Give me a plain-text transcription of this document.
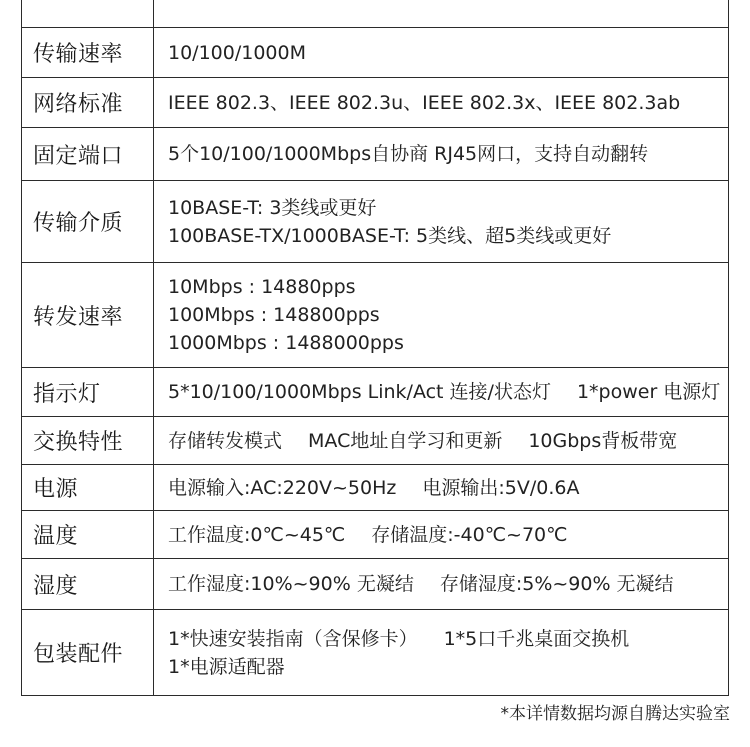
传输速率	10/100/1000M

网络标准	IEEE 802.3、IEEE 802.3u、IEEE 802.3x、IEEE 802.3ab

固定端口	5个10/100/1000Mbps自协商 RJ45网口，支持自动翻转

传输介质	10BASE-T: 3类线或更好
100BASE-TX/1000BASE-T: 5类线、超5类线或更好

转发速率	10Mbps : 14880pps
100Mbps : 148800pps
1000Mbps : 1488000pps

指示灯	5*10/100/1000Mbps Link/Act 连接/状态灯 1*power 电源灯

交换特性	存储转发模式 MAC地址自学习和更新 10Gbps背板带宽

电源	电源输入:AC:220V~50Hz 电源输出:5V/0.6A

温度	工作温度:0℃~45℃ 存储温度:-40℃~70℃

湿度	工作湿度:10%~90% 无凝结 存储湿度:5%~90% 无凝结

包装配件	1*快速安装指南（含保修卡） 1*5口千兆桌面交换机
1*电源适配器
*本详情数据均源自腾达实验室
